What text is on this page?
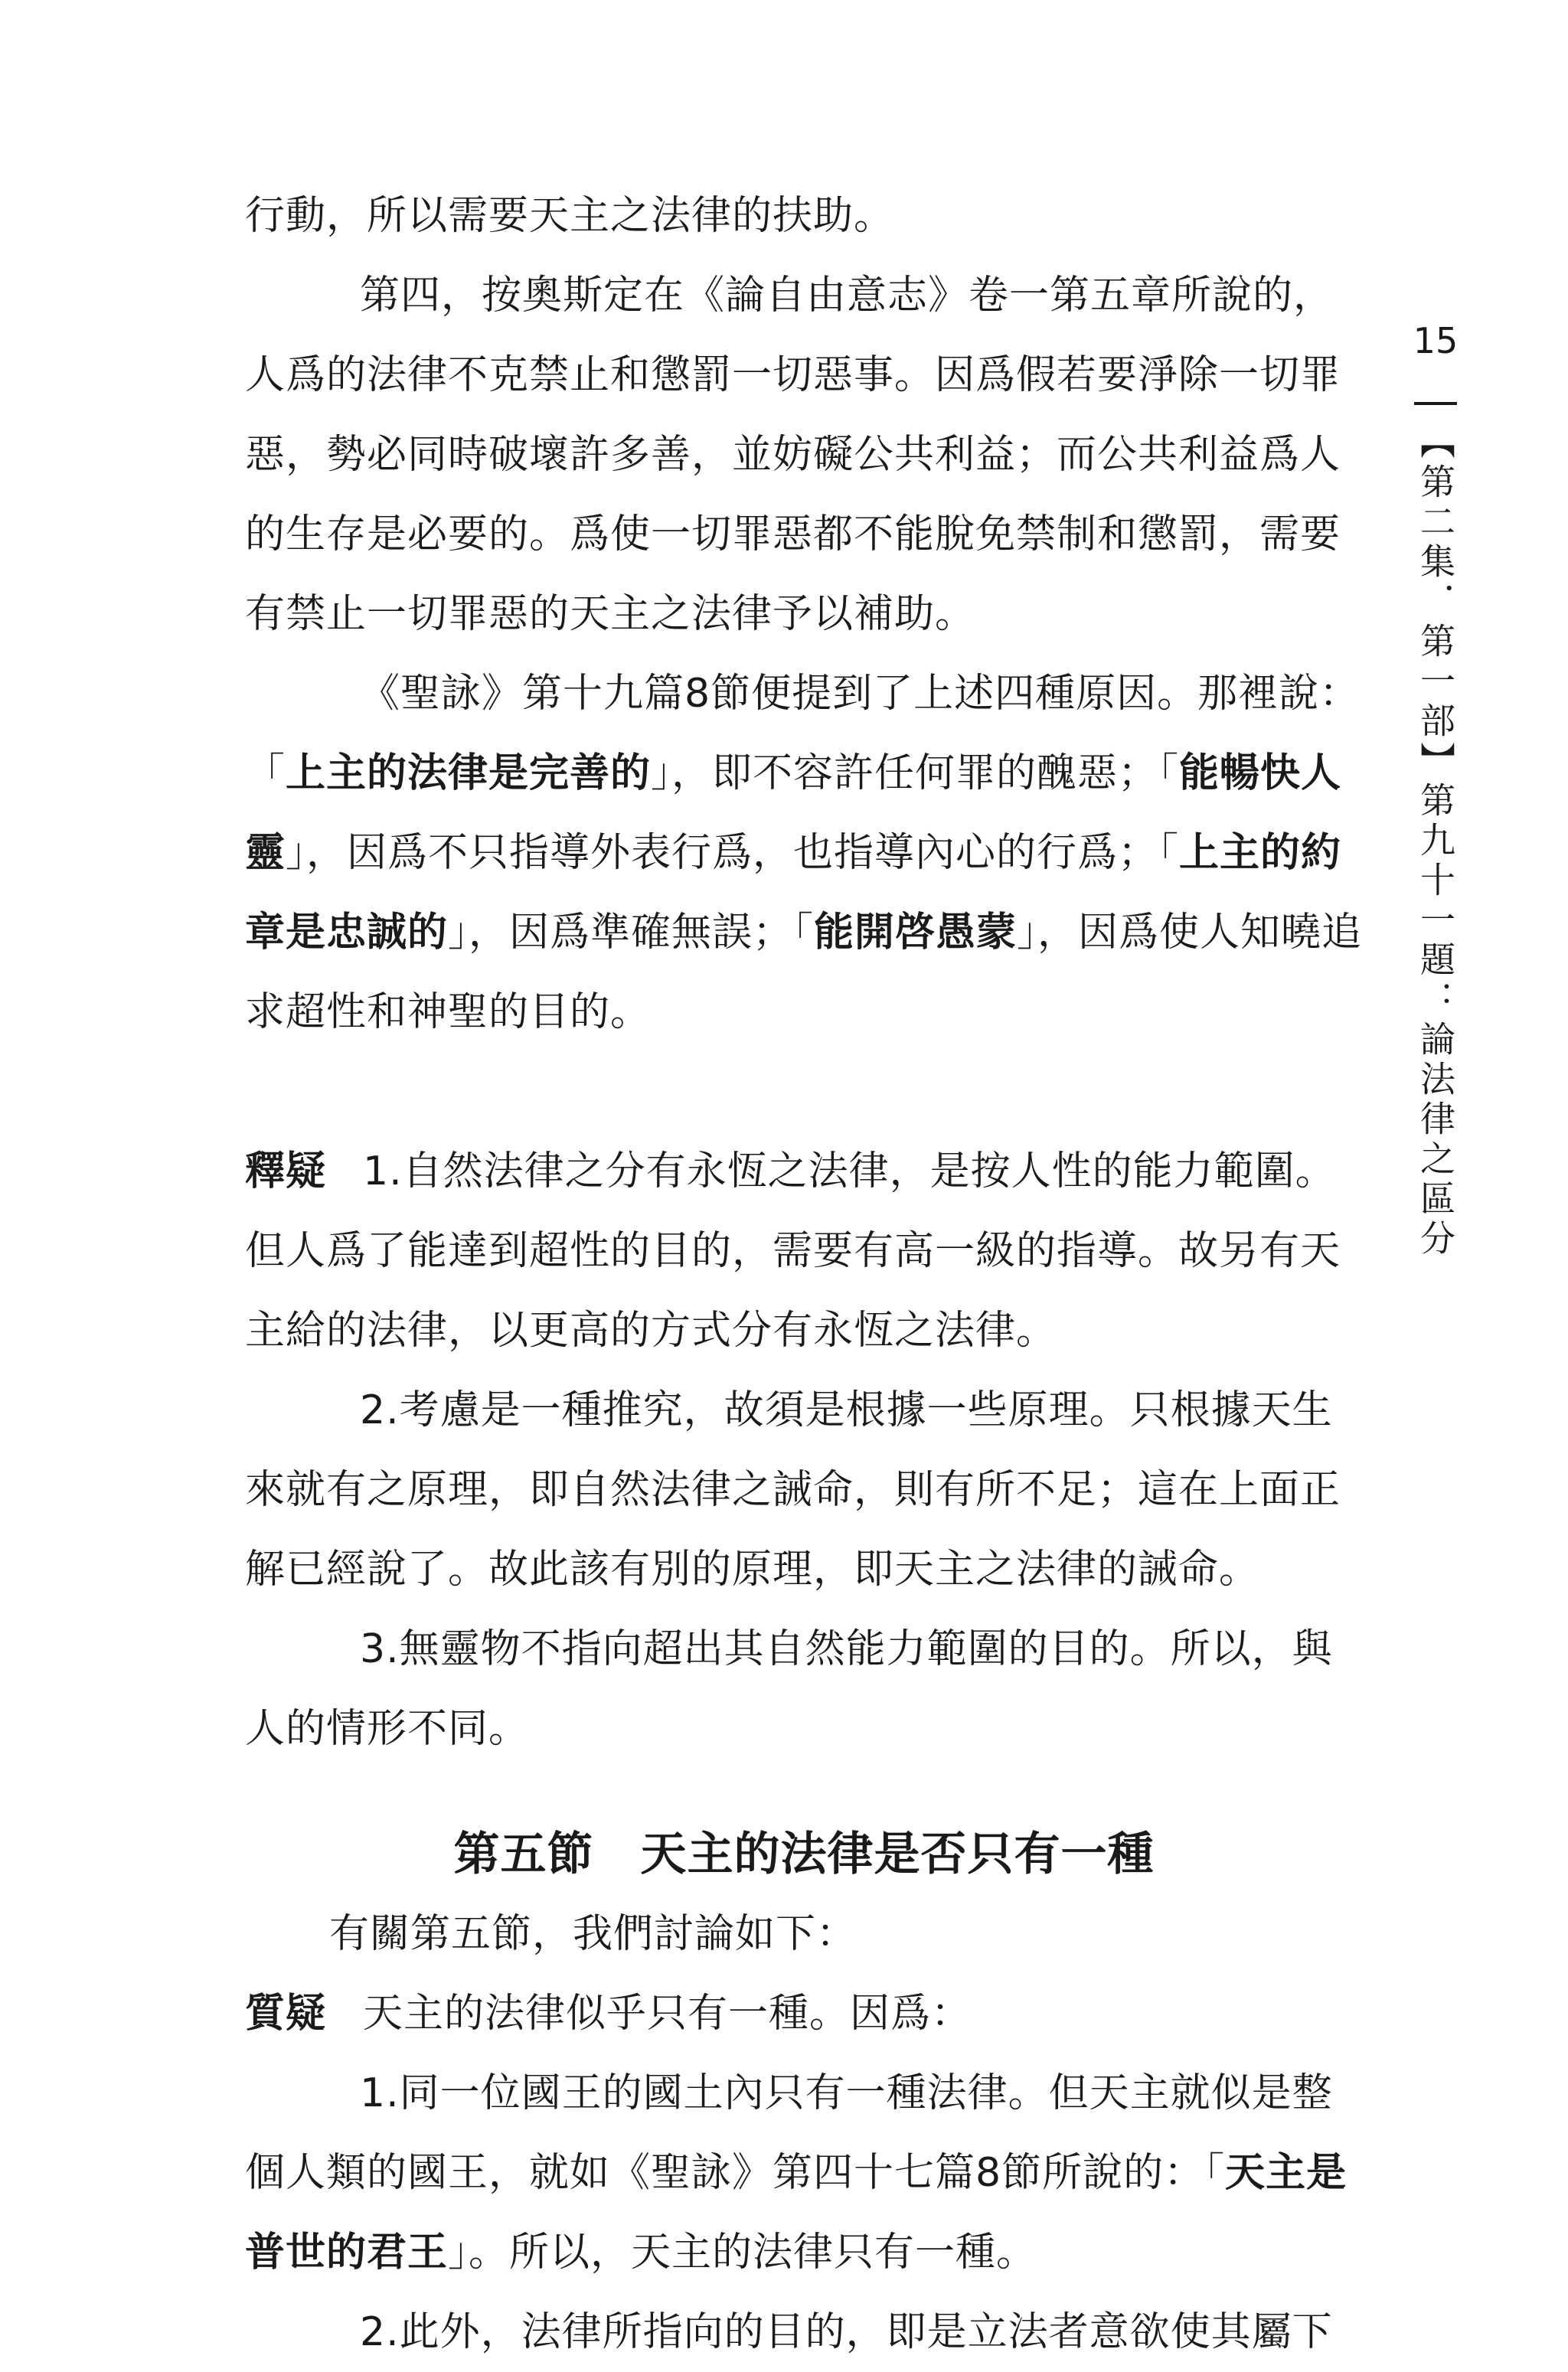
15
【第二集．第一部】第九十一題：論法律之區分

行動，所以需要天主之法律的扶助。

第四，按奧斯定在《論自由意志》卷一第五章所說的，人爲的法律不克禁止和懲罰一切惡事。因爲假若要淨除一切罪惡，勢必同時破壞許多善，並妨礙公共利益；而公共利益爲人的生存是必要的。爲使一切罪惡都不能脫免禁制和懲罰，需要有禁止一切罪惡的天主之法律予以補助。

《聖詠》第十九篇8節便提到了上述四種原因。那裡說：「上主的法律是完善的」，即不容許任何罪的醜惡；「能暢快人靈」，因爲不只指導外表行爲，也指導內心的行爲；「上主的約章是忠誠的」，因爲準確無誤；「能開啓愚蒙」，因爲使人知曉追求超性和神聖的目的。

釋疑 1.自然法律之分有永恆之法律，是按人性的能力範圍。但人爲了能達到超性的目的，需要有高一級的指導。故另有天主給的法律，以更高的方式分有永恆之法律。

2.考慮是一種推究，故須是根據一些原理。只根據天生來就有之原理，即自然法律之誡命，則有所不足；這在上面正解已經說了。故此該有別的原理，即天主之法律的誡命。

3.無靈物不指向超出其自然能力範圍的目的。所以，與人的情形不同。

第五節　天主的法律是否只有一種

有關第五節，我們討論如下：

質疑 天主的法律似乎只有一種。因爲：

1.同一位國王的國土內只有一種法律。但天主就似是整個人類的國王，就如《聖詠》第四十七篇8節所說的：「天主是普世的君王」。所以，天主的法律只有一種。

2.此外，法律所指向的目的，即是立法者意欲使其屬下
